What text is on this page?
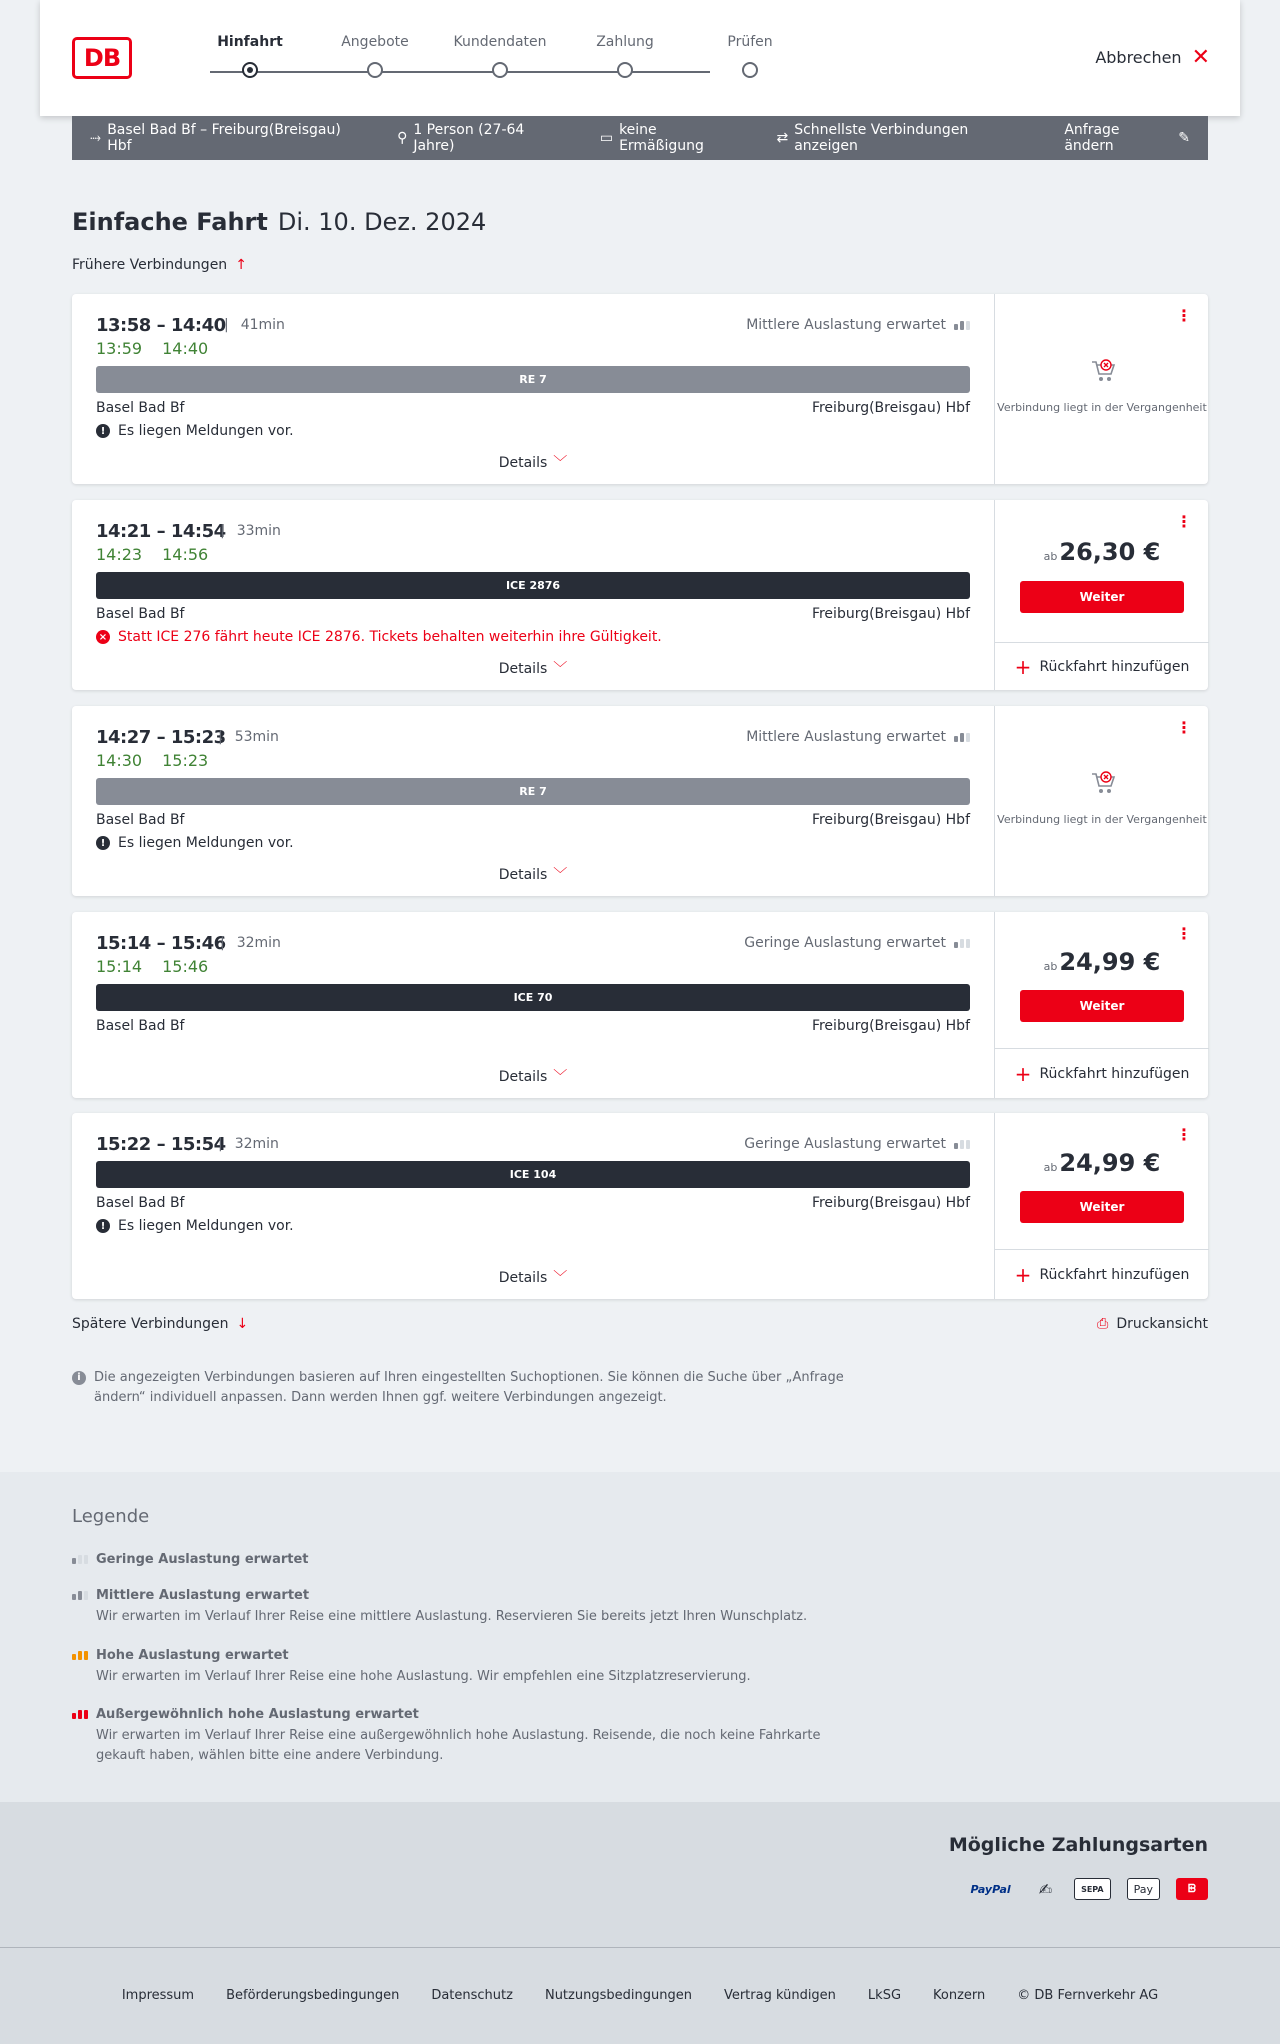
DB
Hinfahrt	Angebote	Kundendaten	Zahlung	Prüfen
Abbrechen ✕
⤑ Basel Bad Bf – Freiburg(Breisgau) Hbf	⚲ 1 Person (27-64 Jahre)	▭ keine Ermäßigung	⇄ Schnellste Verbindungen anzeigen
Anfrage ändern	✎
Einfache Fahrt Di. 10. Dez. 2024
Frühere Verbindungen ↑
13:58 – 14:40	| 41min
13:59 14:40
Mittlere Auslastung erwartet
RE 7
Basel Bad Bf	Freiburg(Breisgau) Hbf
! Es liegen Meldungen vor.
Details ﹀
⋮
Verbindung liegt in der Vergangenheit
14:21 – 14:54 | 33min
14:23 14:56
ICE 2876
Basel Bad Bf	Freiburg(Breisgau) Hbf
× Statt ICE 276 fährt heute ICE 2876. Tickets behalten weiterhin ihre Gültigkeit.
Details ﹀
⋮
ab26,30 €
Weiter
+ Rückfahrt hinzufügen
14:27 – 15:23 | 53min
14:30 15:23
Mittlere Auslastung erwartet
RE 7
Basel Bad Bf	Freiburg(Breisgau) Hbf
! Es liegen Meldungen vor.
Details ﹀
⋮
Verbindung liegt in der Vergangenheit
15:14 – 15:46 | 32min
15:14 15:46
Geringe Auslastung erwartet
ICE 70
Basel Bad Bf	Freiburg(Breisgau) Hbf
Details ﹀
⋮
ab24,99 €
Weiter
+ Rückfahrt hinzufügen
15:22 – 15:54 | 32min	Geringe Auslastung erwartet
ICE 104
Basel Bad Bf	Freiburg(Breisgau) Hbf
! Es liegen Meldungen vor.
Details ﹀
⋮
ab24,99 €
Weiter
+ Rückfahrt hinzufügen
Spätere Verbindungen ↓	⎙ Druckansicht
i	Die angezeigten Verbindungen basieren auf Ihren eingestellten Suchoptionen. Sie können die Suche über „Anfrage ändern“ individuell anpassen. Dann werden Ihnen ggf. weitere Verbindungen angezeigt.
Legende
Geringe Auslastung erwartet
Mittlere Auslastung erwartet
Wir erwarten im Verlauf Ihrer Reise eine mittlere Auslastung. Reservieren Sie bereits jetzt Ihren Wunschplatz.
Hohe Auslastung erwartet
Wir erwarten im Verlauf Ihrer Reise eine hohe Auslastung. Wir empfehlen eine Sitzplatzreservierung.
Außergewöhnlich hohe Auslastung erwartet
Wir erwarten im Verlauf Ihrer Reise eine außergewöhnlich hohe Auslastung. Reisende, die noch keine Fahrkarte gekauft haben, wählen bitte eine andere Verbindung.
Mögliche Zahlungsarten
PayPal	✍	SEPA	Pay	ᗸ
Impressum Beförderungsbedingungen Datenschutz Nutzungsbedingungen Vertrag kündigen LkSG Konzern © DB Fernverkehr AG
